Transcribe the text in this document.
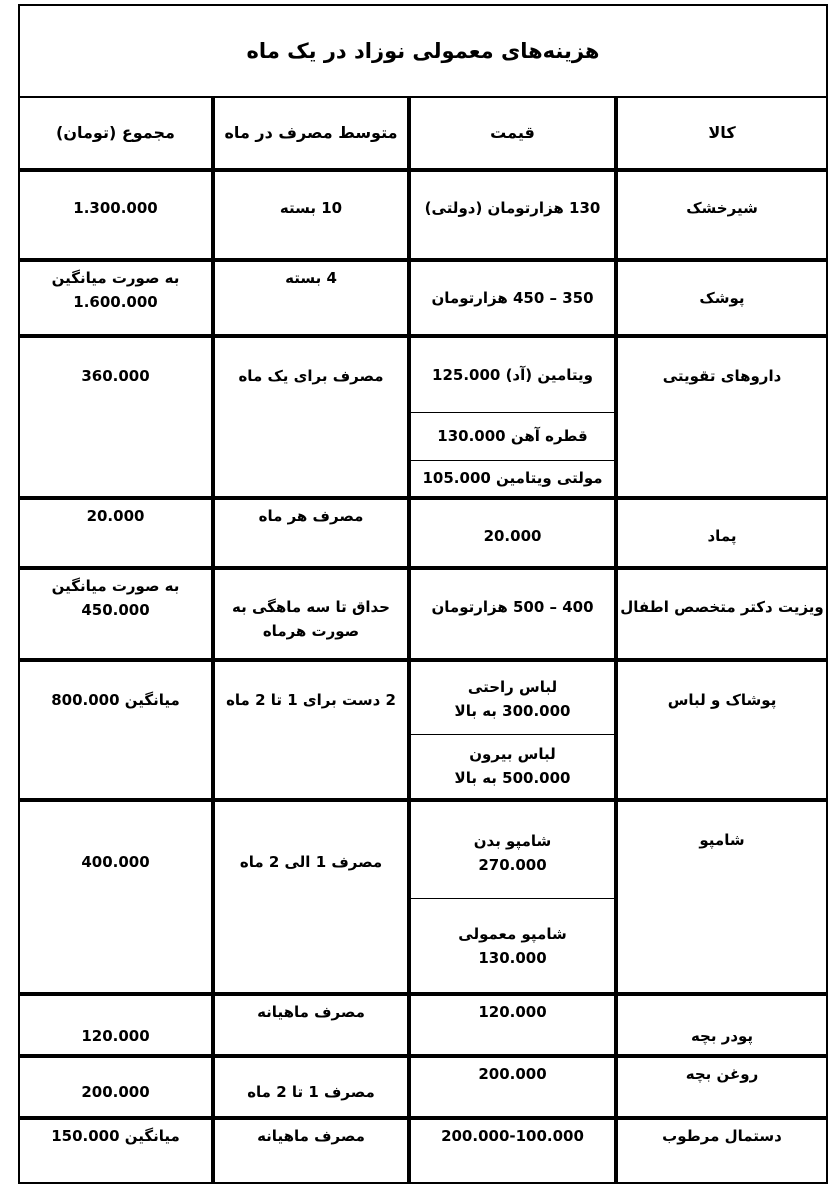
هزینه‌های معمولی نوزاد در یک ماه
کالا
قیمت
متوسط مصرف در ماه
مجموع (تومان)
شیرخشک
130 هزارتومان (دولتی)
10 بسته
1.300.000
پوشک
350 – 450 هزارتومان
4 بسته
به صورت میانگین
1.600.000
داروهای تقویتی
ویتامین (آد) 125.000
قطره آهن 130.000
مولتی ویتامین 105.000
مصرف برای یک ماه
360.000
پماد
20.000
مصرف هر ماه
20.000
ویزیت دکتر متخصص اطفال
400 – 500 هزارتومان
حداق تا سه ماهگی به
صورت هرماه
به صورت میانگین
450.000
پوشاک و لباس
لباس راحتی
300.000 به بالا
لباس بیرون
500.000 به بالا
2 دست برای 1 تا 2 ماه
میانگین 800.000
شامپو
شامپو بدن
270.000
شامپو معمولی
130.000
مصرف 1 الی 2 ماه
400.000
پودر بچه
120.000
مصرف ماهیانه
120.000
روغن بچه
200.000
مصرف 1 تا 2 ماه
200.000
دستمال مرطوب
200.000-100.000
مصرف ماهیانه
میانگین 150.000
